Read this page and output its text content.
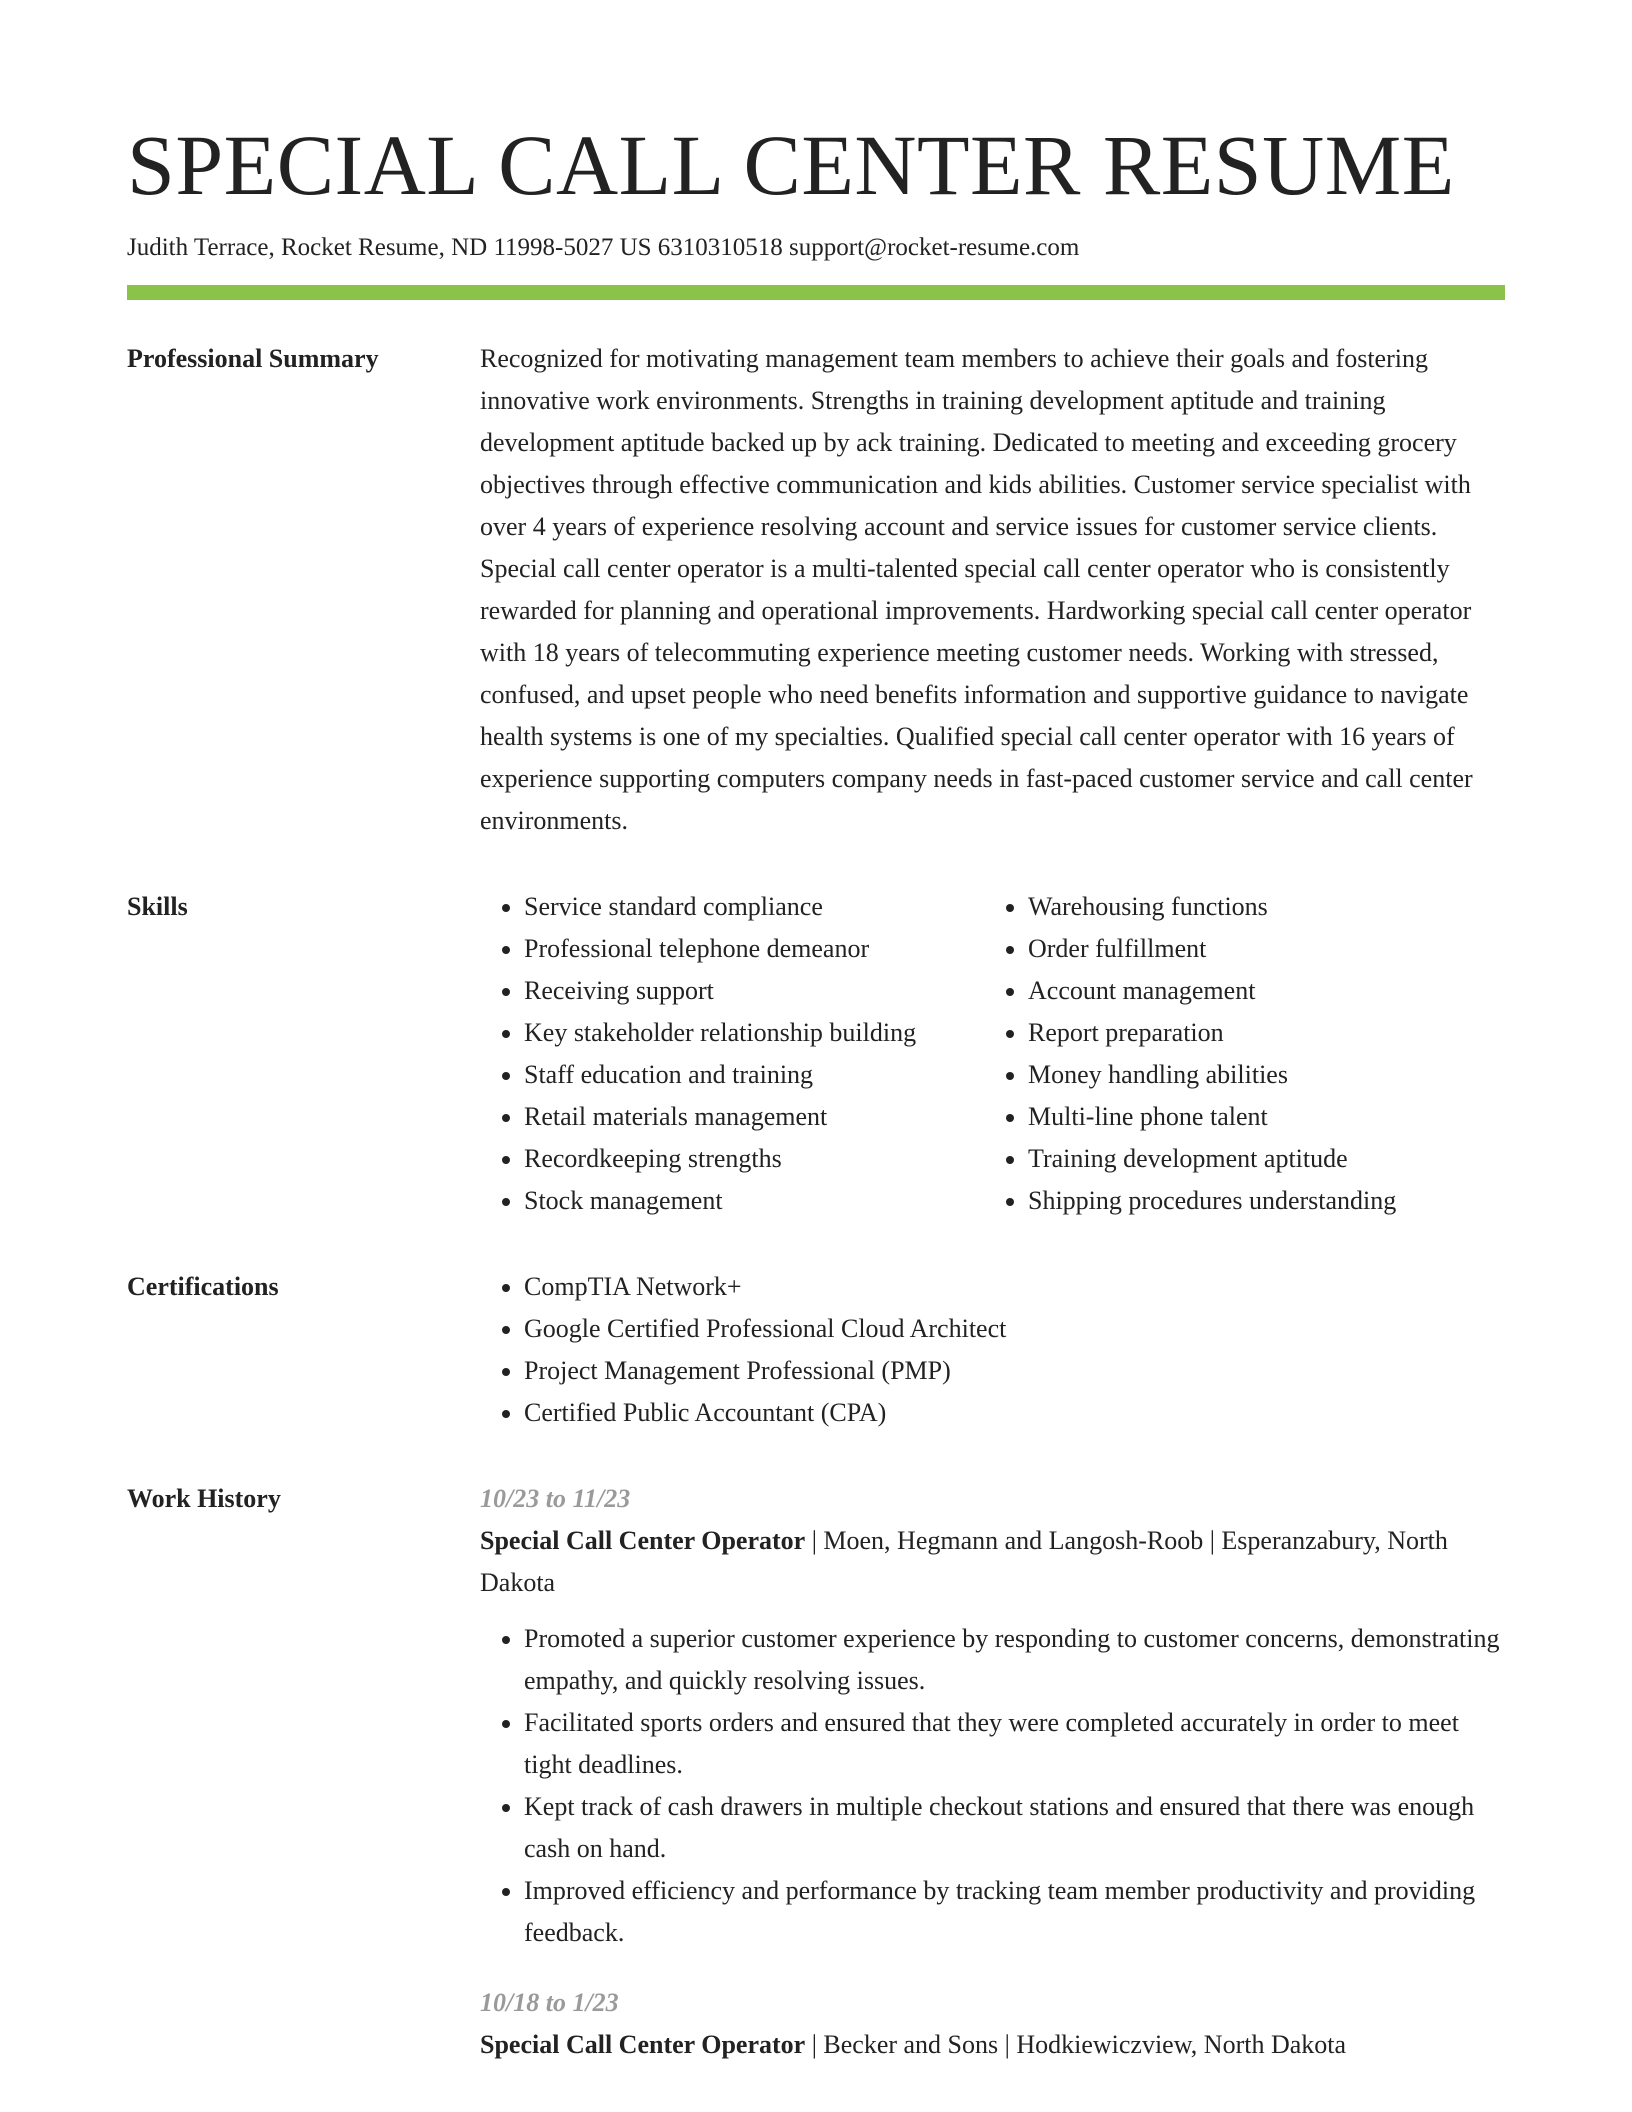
SPECIAL CALL CENTER RESUME
Judith Terrace, Rocket Resume, ND 11998-5027 US 6310310518 support@rocket-resume.com
Professional Summary	Recognized for motivating management team members to achieve their goals and fostering innovative work environments. Strengths in training development aptitude and training development aptitude backed up by ack training. Dedicated to meeting and exceeding grocery objectives through effective communication and kids abilities. Customer service specialist with over 4 years of experience resolving account and service issues for customer service clients. Special call center operator is a multi-talented special call center operator who is consistently rewarded for planning and operational improvements. Hardworking special call center operator with 18 years of telecommuting experience meeting customer needs. Working with stressed, confused, and upset people who need benefits information and supportive guidance to navigate health systems is one of my specialties. Qualified special call center operator with 16 years of experience supporting computers company needs in fast-paced customer service and call center environments.

Skills	• Service standard compliance
• Professional telephone demeanor
• Receiving support
• Key stakeholder relationship building
• Staff education and training
• Retail materials management
• Recordkeeping strengths
• Stock management
• Warehousing functions
• Order fulfillment
• Account management
• Report preparation
• Money handling abilities
• Multi-line phone talent
• Training development aptitude
• Shipping procedures understanding
Certifications	• CompTIA Network+
• Google Certified Professional Cloud Architect
• Project Management Professional (PMP)
• Certified Public Accountant (CPA)
Work History	10/23 to 11/23
Special Call Center Operator | Moen, Hegmann and Langosh-Roob | Esperanzabury, North Dakota
• Promoted a superior customer experience by responding to customer concerns, demonstrating empathy, and quickly resolving issues.
• Facilitated sports orders and ensured that they were completed accurately in order to meet tight deadlines.
• Kept track of cash drawers in multiple checkout stations and ensured that there was enough cash on hand.
• Improved efficiency and performance by tracking team member productivity and providing feedback.
10/18 to 1/23
Special Call Center Operator | Becker and Sons | Hodkiewiczview, North Dakota
